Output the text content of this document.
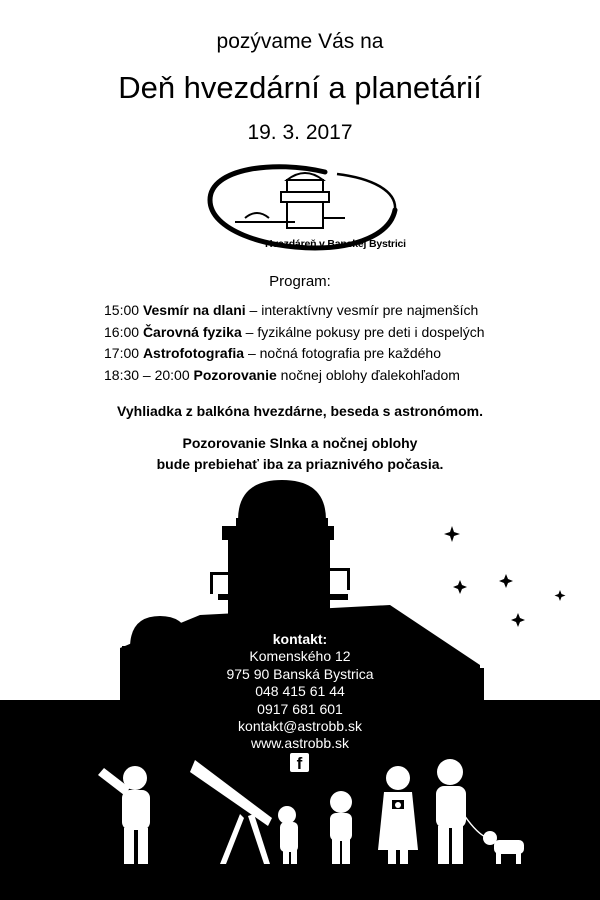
pozývame Vás na
Deň hvezdární a planetárií
19. 3. 2017
Hvezdáreň v Banskej Bystrici
Program:
15:00 Vesmír na dlani – interaktívny vesmír pre najmenších
16:00 Čarovná fyzika – fyzikálne pokusy pre deti i dospelých
17:00 Astrofotografia – nočná fotografia pre každého
18:30 – 20:00 Pozorovanie nočnej oblohy ďalekohľadom
Vyhliadka z balkóna hvezdárne, beseda s astronómom.
Pozorovanie Slnka a nočnej oblohy
bude prebiehať iba za priaznivého počasia.
kontakt:
Komenského 12
975 90 Banská Bystrica
048 415 61 44
0917 681 601
kontakt@astrobb.sk
www.astrobb.sk
f
